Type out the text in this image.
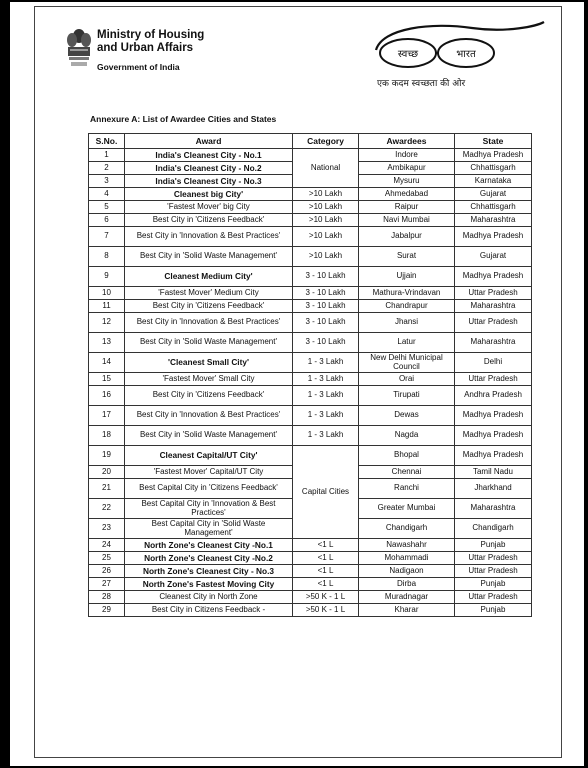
Ministry of Housing
and Urban Affairs
Government of India
स्वच्छ	भारत
एक कदम स्वच्छता की ओर
Annexure A: List of Awardee Cities and States
S.No.	Award	Category	Awardees	State
1	India's Cleanest City - No.1	National	Indore	Madhya Pradesh
2	India's Cleanest City - No.2		Ambikapur	Chhattisgarh
3	India's Cleanest City - No.3		Mysuru	Karnataka
4	Cleanest big City'	>10 Lakh	Ahmedabad	Gujarat
5	'Fastest Mover' big City	>10 Lakh	Raipur	Chhattisgarh
6	Best City in 'Citizens Feedback'	>10 Lakh	Navi Mumbai	Maharashtra
7	Best City in 'Innovation & Best Practices'	>10 Lakh	Jabalpur	Madhya Pradesh
8	Best City in 'Solid Waste Management'	>10 Lakh	Surat	Gujarat
9	Cleanest Medium City'	3 - 10 Lakh	Ujjain	Madhya Pradesh
10	'Fastest Mover' Medium City	3 - 10 Lakh	Mathura-Vrindavan	Uttar Pradesh
11	Best City in 'Citizens Feedback'	3 - 10 Lakh	Chandrapur	Maharashtra
12	Best City in 'Innovation & Best Practices'	3 - 10 Lakh	Jhansi	Uttar Pradesh
13	Best City in 'Solid Waste Management'	3 - 10 Lakh	Latur	Maharashtra
14	'Cleanest Small City'	1 - 3 Lakh	New Delhi Municipal Council	Delhi
15	'Fastest Mover' Small City	1 - 3 Lakh	Orai	Uttar Pradesh
16	Best City in 'Citizens Feedback'	1 - 3 Lakh	Tirupati	Andhra Pradesh
17	Best City in 'Innovation & Best Practices'	1 - 3 Lakh	Dewas	Madhya Pradesh
18	Best City in 'Solid Waste Management'	1 - 3 Lakh	Nagda	Madhya Pradesh
19	Cleanest Capital/UT City'	Capital Cities	Bhopal	Madhya Pradesh
20	'Fastest Mover' Capital/UT City		Chennai	Tamil Nadu
21	Best Capital City in 'Citizens Feedback'		Ranchi	Jharkhand
22	Best Capital City in 'Innovation & Best Practices'		Greater Mumbai	Maharashtra
23	Best Capital City in 'Solid Waste Management'		Chandigarh	Chandigarh
24	North Zone's Cleanest City -No.1	<1 L	Nawashahr	Punjab
25	North Zone's Cleanest City -No.2	<1 L	Mohammadi	Uttar Pradesh
26	North Zone's Cleanest City - No.3	<1 L	Nadigaon	Uttar Pradesh
27	North Zone's Fastest Moving City	<1 L	Dirba	Punjab
28	Cleanest City in North Zone	>50 K - 1 L	Muradnagar	Uttar Pradesh
29	Best City in Citizens Feedback -	>50 K - 1 L	Kharar	Punjab
